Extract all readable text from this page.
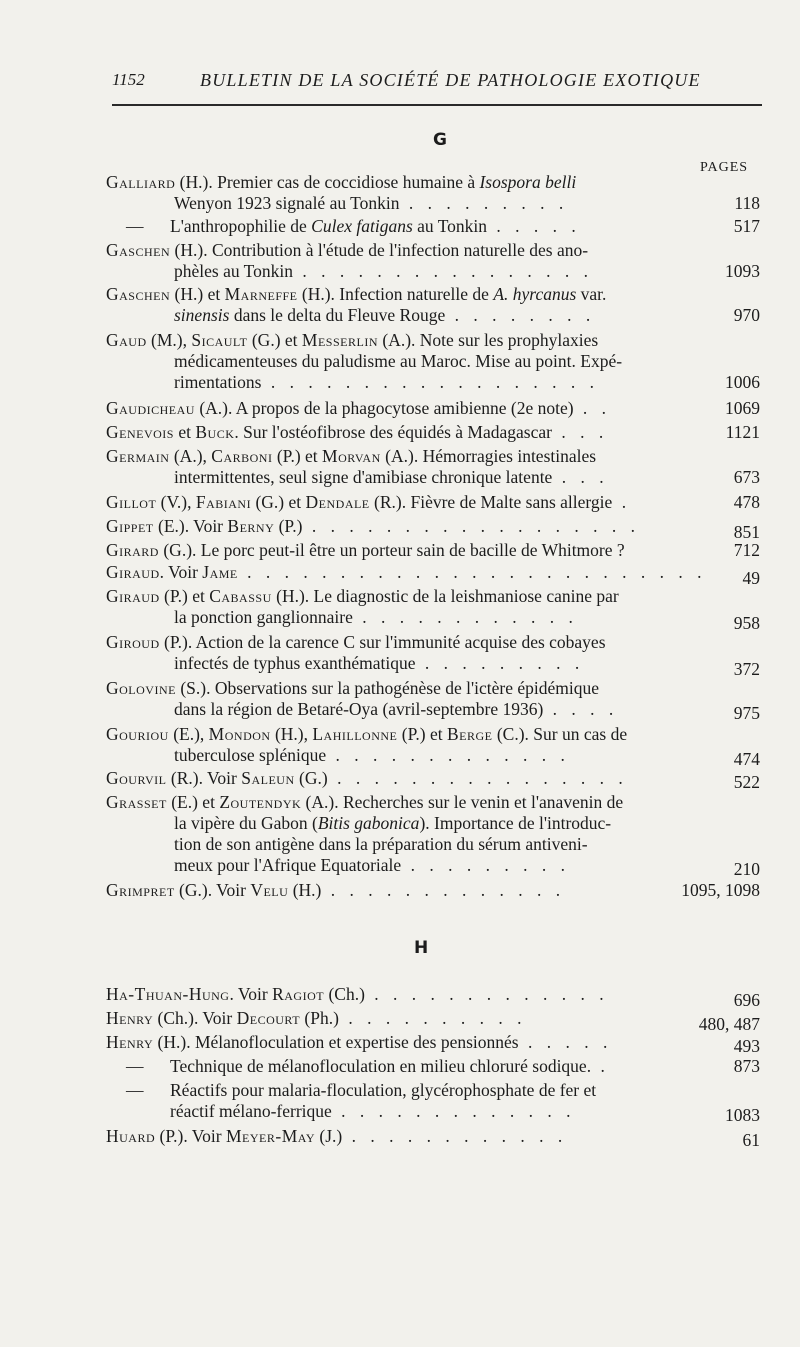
1152	BULLETIN DE LA SOCIÉTÉ DE PATHOLOGIE EXOTIQUE
G
PAGES
Galliard (H.). Premier cas de coccidiose humaine à Isospora belli
Wenyon 1923 signalé au Tonkin . . . . . . . . .	118
— L'anthropophilie de Culex fatigans au Tonkin . . . . .	517
Gaschen (H.). Contribution à l'étude de l'infection naturelle des ano-
phèles au Tonkin . . . . . . . . . . . . . . . .	1093
Gaschen (H.) et Marneffe (H.). Infection naturelle de A. hyrcanus var.
sinensis dans le delta du Fleuve Rouge . . . . . . . .	970
Gaud (M.), Sicault (G.) et Messerlin (A.). Note sur les prophylaxies
médicamenteuses du paludisme au Maroc. Mise au point. Expé-
rimentations . . . . . . . . . . . . . . . . . .	1006
Gaudicheau (A.). A propos de la phagocytose amibienne (2e note) . .	1069
Genevois et Buck. Sur l'ostéofibrose des équidés à Madagascar . . .	1121
Germain (A.), Carboni (P.) et Morvan (A.). Hémorragies intestinales
intermittentes, seul signe d'amibiase chronique latente . . .	673
Gillot (V.), Fabiani (G.) et Dendale (R.). Fièvre de Malte sans allergie .	478
Gippet (E.). Voir Berny (P.) . . . . . . . . . . . . . . . . . .	851
Girard (G.). Le porc peut-il être un porteur sain de bacille de Whitmore ?	712
Giraud. Voir Jame . . . . . . . . . . . . . . . . . . . . . . . . . 49
Giraud (P.) et Cabassu (H.). Le diagnostic de la leishmaniose canine par
la ponction ganglionnaire . . . . . . . . . . . .	958
Giroud (P.). Action de la carence C sur l'immunité acquise des cobayes
infectés de typhus exanthématique . . . . . . . . .	372
Golovine (S.). Observations sur la pathogénèse de l'ictère épidémique
dans la région de Betaré-Oya (avril-septembre 1936) . . . .	975
Gouriou (E.), Mondon (H.), Lahillonne (P.) et Berge (C.). Sur un cas de
tuberculose splénique . . . . . . . . . . . . .	474
Gourvil (R.). Voir Saleun (G.) . . . . . . . . . . . . . . . .	522
Grasset (E.) et Zoutendyk (A.). Recherches sur le venin et l'anavenin de
la vipère du Gabon (Bitis gabonica). Importance de l'introduc-
tion de son antigène dans la préparation du sérum antiveni-
meux pour l'Afrique Equatoriale . . . . . . . . .	210
Grimpret (G.). Voir Velu (H.) . . . . . . . . . . . . .	1095, 1098
H
Ha-Thuan-Hung. Voir Ragiot (Ch.) . . . . . . . . . . . . .	696
Henry (Ch.). Voir Decourt (Ph.) . . . . . . . . . .	480, 487
Henry (H.). Mélanofloculation et expertise des pensionnés . . . . .	493
— Technique de mélanofloculation en milieu chloruré sodique. .	873
— Réactifs pour malaria-floculation, glycérophosphate de fer et
réactif mélano-ferrique . . . . . . . . . . . . .	1083
Huard (P.). Voir Meyer-May (J.) . . . . . . . . . . . .	61
